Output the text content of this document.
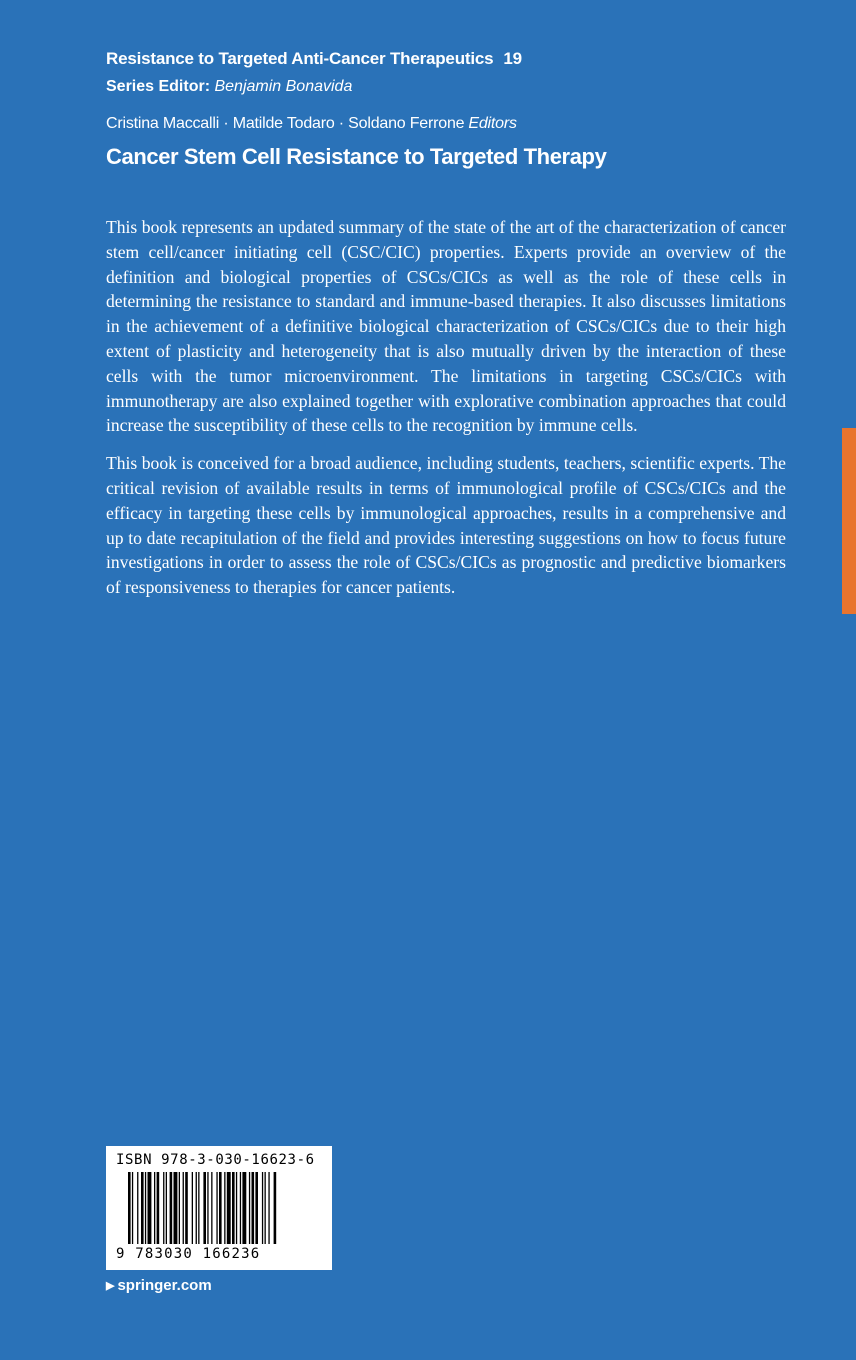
Resistance to Targeted Anti-Cancer Therapeutics 19
Series Editor: Benjamin Bonavida
Cristina Maccalli · Matilde Todaro · Soldano Ferrone Editors
Cancer Stem Cell Resistance to Targeted Therapy

This book represents an updated summary of the state of the art of the characterization of cancer stem cell/cancer initiating cell (CSC/CIC) properties. Experts provide an overview of the definition and biological properties of CSCs/CICs as well as the role of these cells in determining the resistance to standard and immune-based therapies. It also discusses limitations in the achievement of a definitive biological characterization of CSCs/CICs due to their high extent of plasticity and heterogeneity that is also mutually driven by the interaction of these cells with the tumor microenvironment. The limitations in targeting CSCs/CICs with immunotherapy are also explained together with explorative combination approaches that could increase the susceptibility of these cells to the recognition by immune cells.

This book is conceived for a broad audience, including students, teachers, scientific experts. The critical revision of available results in terms of immunological profile of CSCs/CICs and the efficacy in targeting these cells by immunological approaches, results in a comprehensive and up to date recapitulation of the field and provides interesting suggestions on how to focus future investigations in order to assess the role of CSCs/CICs as prognostic and predictive biomarkers of responsiveness to therapies for cancer patients.

ISBN 978-3-030-16623-6
9 783030 166236
▶ springer.com
